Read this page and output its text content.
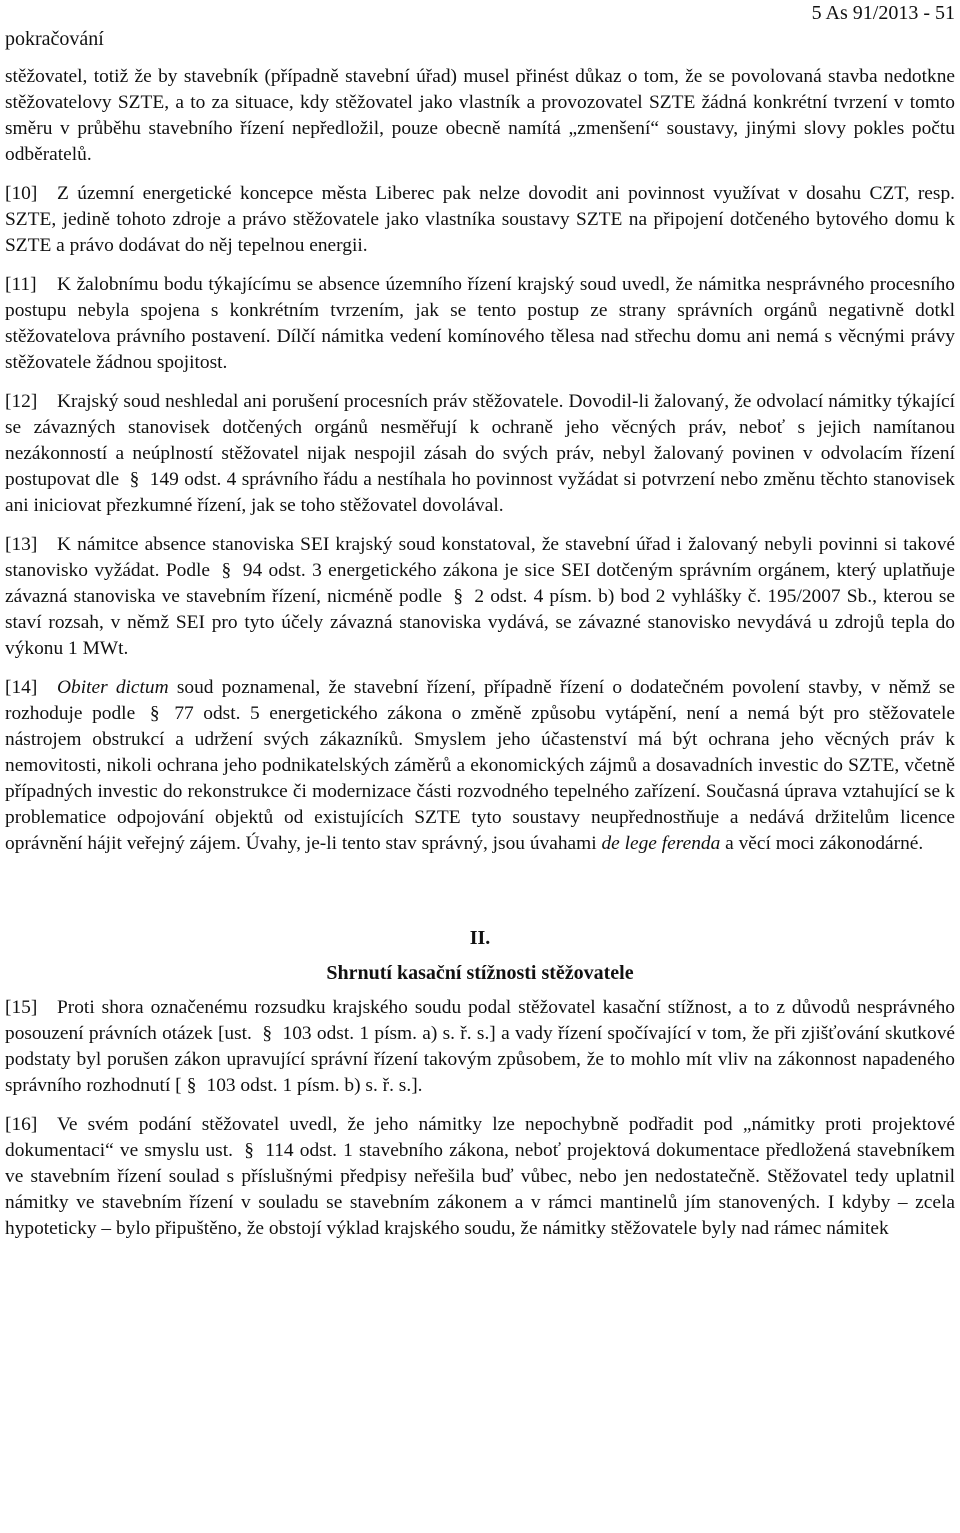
pokračování
5 As 91/2013 - 51

stěžovatel, totiž že by stavebník (případně stavební úřad) musel přinést důkaz o tom, že se povolovaná stavba nedotkne stěžovatelovy SZTE, a to za situace, kdy stěžovatel jako vlastník a provozovatel SZTE žádná konkrétní tvrzení v tomto směru v průběhu stavebního řízení nepředložil, pouze obecně namítá „zmenšení“ soustavy, jinými slovy pokles počtu odběratelů.

[10] Z územní energetické koncepce města Liberec pak nelze dovodit ani povinnost využívat v dosahu CZT, resp. SZTE, jedině tohoto zdroje a právo stěžovatele jako vlastníka soustavy SZTE na připojení dotčeného bytového domu k SZTE a právo dodávat do něj tepelnou energii.

[11] K žalobnímu bodu týkajícímu se absence územního řízení krajský soud uvedl, že námitka nesprávného procesního postupu nebyla spojena s konkrétním tvrzením, jak se tento postup ze strany správních orgánů negativně dotkl stěžovatelova právního postavení. Dílčí námitka vedení komínového tělesa nad střechu domu ani nemá s věcnými právy stěžovatele žádnou spojitost.

[12] Krajský soud neshledal ani porušení procesních práv stěžovatele. Dovodil-li žalovaný, že odvolací námitky týkající se závazných stanovisek dotčených orgánů nesměřují k ochraně jeho věcných práv, neboť s jejich namítanou nezákonností a neúplností stěžovatel nijak nespojil zásah do svých práv, nebyl žalovaný povinen v odvolacím řízení postupovat dle § 149 odst. 4 správního řádu a nestíhala ho povinnost vyžádat si potvrzení nebo změnu těchto stanovisek ani iniciovat přezkumné řízení, jak se toho stěžovatel dovolával.

[13] K námitce absence stanoviska SEI krajský soud konstatoval, že stavební úřad i žalovaný nebyli povinni si takové stanovisko vyžádat. Podle § 94 odst. 3 energetického zákona je sice SEI dotčeným správním orgánem, který uplatňuje závazná stanoviska ve stavebním řízení, nicméně podle § 2 odst. 4 písm. b) bod 2 vyhlášky č. 195/2007 Sb., kterou se staví rozsah, v němž SEI pro tyto účely závazná stanoviska vydává, se závazné stanovisko nevydává u zdrojů tepla do výkonu 1 MWt.

[14] Obiter dictum soud poznamenal, že stavební řízení, případně řízení o dodatečném povolení stavby, v němž se rozhoduje podle § 77 odst. 5 energetického zákona o změně způsobu vytápění, není a nemá být pro stěžovatele nástrojem obstrukcí a udržení svých zákazníků. Smyslem jeho účastenství má být ochrana jeho věcných práv k nemovitosti, nikoli ochrana jeho podnikatelských záměrů a ekonomických zájmů a dosavadních investic do SZTE, včetně případných investic do rekonstrukce či modernizace části rozvodného tepelného zařízení. Současná úprava vztahující se k problematice odpojování objektů od existujících SZTE tyto soustavy neupřednostňuje a nedává držitelům licence oprávnění hájit veřejný zájem. Úvahy, je-li tento stav správný, jsou úvahami de lege ferenda a věcí moci zákonodárné.

II.
Shrnutí kasační stížnosti stěžovatele

[15] Proti shora označenému rozsudku krajského soudu podal stěžovatel kasační stížnost, a to z důvodů nesprávného posouzení právních otázek [ust. § 103 odst. 1 písm. a) s. ř. s.] a vady řízení spočívající v tom, že při zjišťování skutkové podstaty byl porušen zákon upravující správní řízení takovým způsobem, že to mohlo mít vliv na zákonnost napadeného správního rozhodnutí [ § 103 odst. 1 písm. b) s. ř. s.].

[16] Ve svém podání stěžovatel uvedl, že jeho námitky lze nepochybně podřadit pod „námitky proti projektové dokumentaci“ ve smyslu ust. § 114 odst. 1 stavebního zákona, neboť projektová dokumentace předložená stavebníkem ve stavebním řízení soulad s příslušnými předpisy neřešila buď vůbec, nebo jen nedostatečně. Stěžovatel tedy uplatnil námitky ve stavebním řízení v souladu se stavebním zákonem a v rámci mantinelů jím stanovených. I kdyby – zcela hypoteticky – bylo připuštěno, že obstojí výklad krajského soudu, že námitky stěžovatele byly nad rámec námitek
